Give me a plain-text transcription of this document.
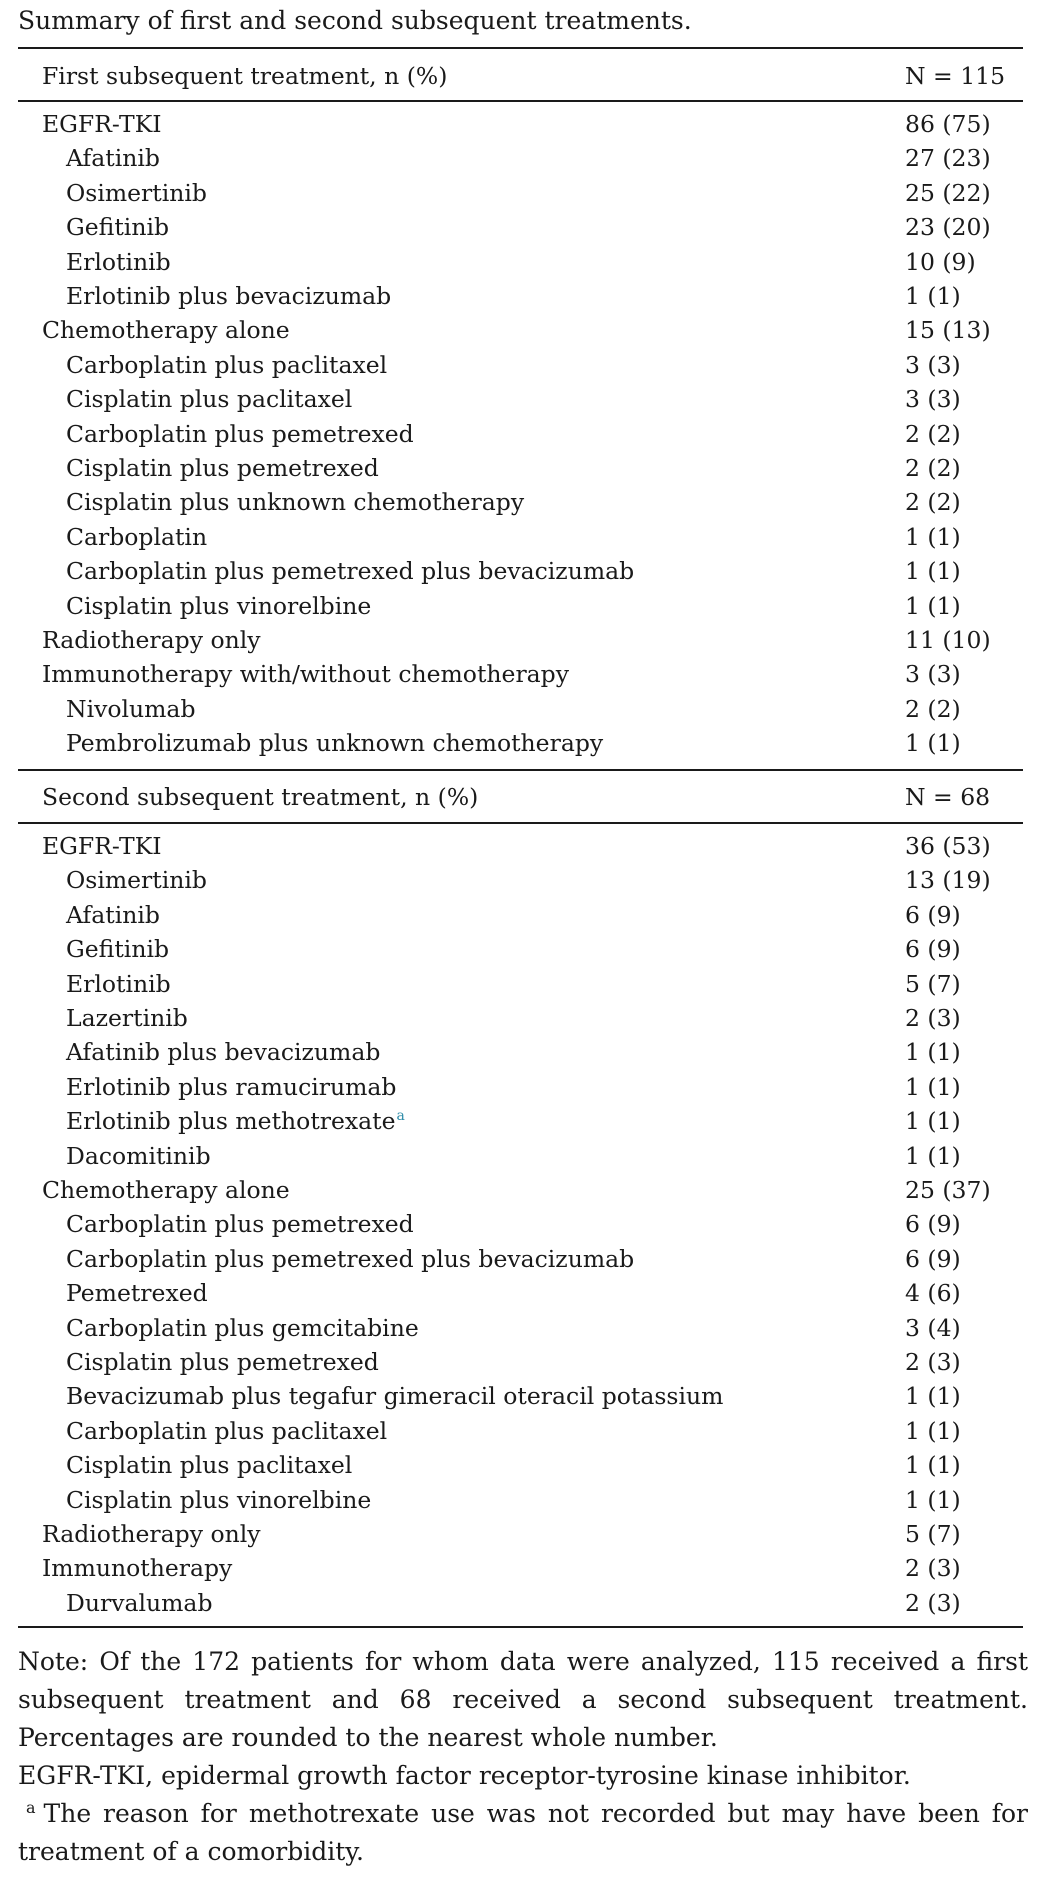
Summary of first and second subsequent treatments.
First subsequent treatment, n (%)	N = 115
EGFR-TKI	86 (75)
Afatinib	27 (23)
Osimertinib	25 (22)
Gefitinib	23 (20)
Erlotinib	10 (9)
Erlotinib plus bevacizumab	1 (1)
Chemotherapy alone	15 (13)
Carboplatin plus paclitaxel	3 (3)
Cisplatin plus paclitaxel	3 (3)
Carboplatin plus pemetrexed	2 (2)
Cisplatin plus pemetrexed	2 (2)
Cisplatin plus unknown chemotherapy	2 (2)
Carboplatin	1 (1)
Carboplatin plus pemetrexed plus bevacizumab	1 (1)
Cisplatin plus vinorelbine	1 (1)
Radiotherapy only	11 (10)
Immunotherapy with/without chemotherapy	3 (3)
Nivolumab	2 (2)
Pembrolizumab plus unknown chemotherapy	1 (1)
Second subsequent treatment, n (%)	N = 68
EGFR-TKI	36 (53)
Osimertinib	13 (19)
Afatinib	6 (9)
Gefitinib	6 (9)
Erlotinib	5 (7)
Lazertinib	2 (3)
Afatinib plus bevacizumab	1 (1)
Erlotinib plus ramucirumab	1 (1)
Erlotinib plus methotrexate$^a$	1 (1)
Dacomitinib	1 (1)
Chemotherapy alone	25 (37)
Carboplatin plus pemetrexed	6 (9)
Carboplatin plus pemetrexed plus bevacizumab	6 (9)
Pemetrexed	4 (6)
Carboplatin plus gemcitabine	3 (4)
Cisplatin plus pemetrexed	2 (3)
Bevacizumab plus tegafur gimeracil oteracil potassium	1 (1)
Carboplatin plus paclitaxel	1 (1)
Cisplatin plus paclitaxel	1 (1)
Cisplatin plus vinorelbine	1 (1)
Radiotherapy only	5 (7)
Immunotherapy	2 (3)
Durvalumab	2 (3)

Note: Of the 172 patients for whom data were analyzed, 115 received a first subsequent treatment and 68 received a second subsequent treatment. Percentages are rounded to the nearest whole number.

EGFR-TKI, epidermal growth factor receptor-tyrosine kinase inhibitor.

$^a$ The reason for methotrexate use was not recorded but may have been for treatment of a comorbidity.
